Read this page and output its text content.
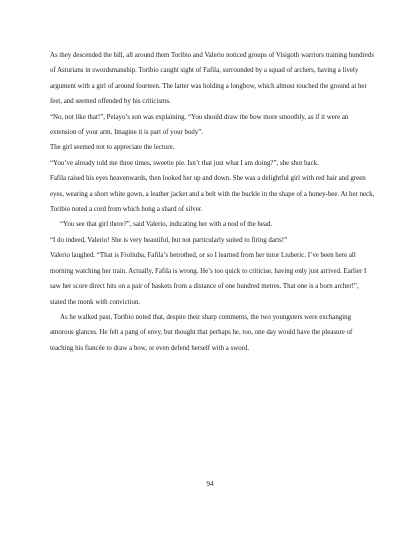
As they descended the hill, all around them Toribio and Valerio noticed groups of Visigoth warriors training hundreds of Asturians in swordsmanship. Toribio caught sight of Fafila, surrounded by a squad of archers, having a lively argument with a girl of around fourteen. The latter was holding a longbow, which almost touched the ground at her feet, and seemed offended by his criticisms.

“No, not like that!”, Pelayo’s son was explaining. “You should draw the bow more smoothly, as if it were an extension of your arm. Imagine it is part of your body”.

The girl seemed not to appreciate the lecture.

“You’ve already told me three times, sweetie pie. Isn’t that just what I am doing?”, she shot back.

Fafila raised his eyes heavenwards, then looked her up and down. She was a delightful girl with red hair and green eyes, wearing a short white gown, a leather jacket and a belt with the buckle in the shape of a honey-bee. At her neck, Toribio noted a cord from which hung a shard of silver.

“You see that girl there?”, said Valerio, indicating her with a nod of the head.

“I do indeed, Valerio! She is very beautiful, but not particularly suited to firing darts!”

Valerio laughed. “That is Froliuba, Fafila’s betrothed, or so I learned from her tutor Liuberic. I’ve been here all morning watching her train. Actually, Fafila is wrong. He’s too quick to criticise, having only just arrived. Earlier I saw her score direct hits on a pair of baskets from a distance of one hundred metres. That one is a born archer!”, stated the monk with conviction.

As he walked past, Toribio noted that, despite their sharp comments, the two youngsters were exchanging amorous glances. He felt a pang of envy, but thought that perhaps he, too, one day would have the pleasure of teaching his fiancée to draw a bow, or even defend herself with a sword.

94
